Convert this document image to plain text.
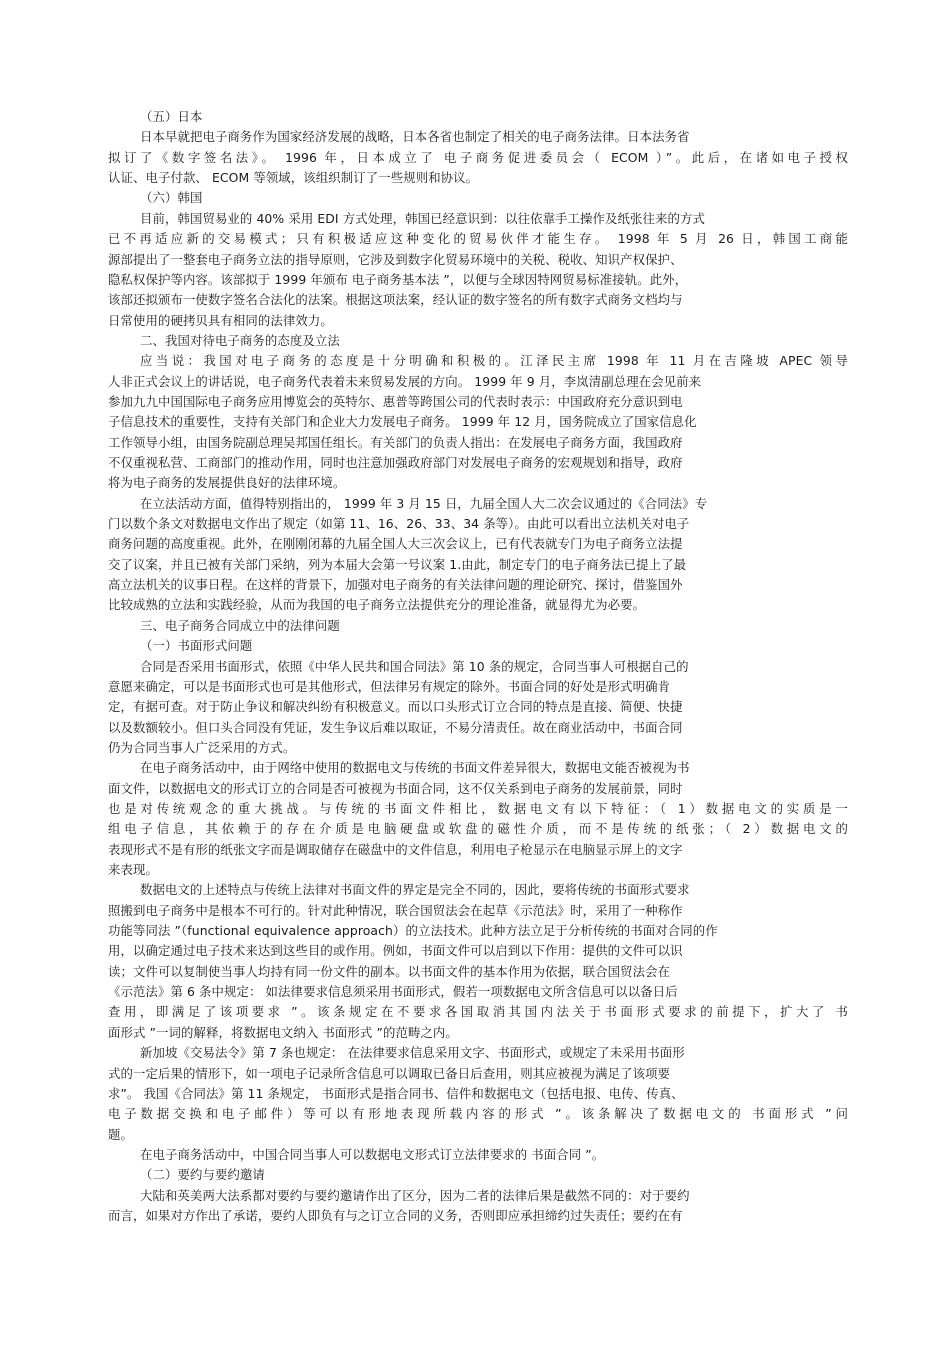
（五）日本
日本早就把电子商务作为国家经济发展的战略，日本各省也制定了相关的电子商务法律。日本法务省
拟订了《数字签名法》。 1996 年，日本成立了 电子商务促进委员会（ ECOM ）”。此后，在诸如电子授权
认证、电子付款、 ECOM 等领域，该组织制订了一些规则和协议。
（六）韩国
目前，韩国贸易业的 40% 采用 EDI 方式处理，韩国已经意识到：以往依靠手工操作及纸张往来的方式
已不再适应新的交易模式；只有积极适应这种变化的贸易伙伴才能生存。 1998 年 5 月 26 日，韩国工商能
源部提出了一整套电子商务立法的指导原则，它涉及到数字化贸易环境中的关税、税收、知识产权保护、
隐私权保护等内容。该部拟于 1999 年颁布 电子商务基本法 ”，以便与全球因特网贸易标准接轨。此外，
该部还拟颁布一使数字签名合法化的法案。根据这项法案，经认证的数字签名的所有数字式商务文档均与
日常使用的硬拷贝具有相同的法律效力。
二、我国对待电子商务的态度及立法
应当说：我国对电子商务的态度是十分明确和积极的。江泽民主席 1998 年 11 月在吉隆坡 APEC 领导
人非正式会议上的讲话说，电子商务代表着未来贸易发展的方向。 1999 年 9 月，李岚清副总理在会见前来
参加九九中国国际电子商务应用博览会的英特尔、惠普等跨国公司的代表时表示：中国政府充分意识到电
子信息技术的重要性，支持有关部门和企业大力发展电子商务。 1999 年 12 月，国务院成立了国家信息化
工作领导小组，由国务院副总理吴邦国任组长。有关部门的负责人指出：在发展电子商务方面，我国政府
不仅重视私营、工商部门的推动作用，同时也注意加强政府部门对发展电子商务的宏观规划和指导，政府
将为电子商务的发展提供良好的法律环境。
在立法活动方面，值得特别指出的， 1999 年 3 月 15 日，九届全国人大二次会议通过的《合同法》专
门以数个条文对数据电文作出了规定（如第 11、16、26、33、34 条等）。由此可以看出立法机关对电子
商务问题的高度重视。此外，在刚刚闭幕的九届全国人大三次会议上，已有代表就专门为电子商务立法提
交了议案，并且已被有关部门采纳，列为本届大会第一号议案 1.由此，制定专门的电子商务法已提上了最
高立法机关的议事日程。在这样的背景下，加强对电子商务的有关法律问题的理论研究、探讨，借鉴国外
比较成熟的立法和实践经验，从而为我国的电子商务立法提供充分的理论准备，就显得尤为必要。
三、电子商务合同成立中的法律问题
（一）书面形式问题
合同是否采用书面形式，依照《中华人民共和国合同法》第 10 条的规定，合同当事人可根据自己的
意愿来确定，可以是书面形式也可是其他形式，但法律另有规定的除外。书面合同的好处是形式明确肯
定，有据可查。对于防止争议和解决纠纷有积极意义。而以口头形式订立合同的特点是直接、简便、快捷
以及数额较小。但口头合同没有凭证，发生争议后难以取证，不易分清责任。故在商业活动中，书面合同
仍为合同当事人广泛采用的方式。
在电子商务活动中，由于网络中使用的数据电文与传统的书面文件差异很大，数据电文能否被视为书
面文件，以数据电文的形式订立的合同是否可被视为书面合同，这不仅关系到电子商务的发展前景，同时
也是对传统观念的重大挑战。与传统的书面文件相比，数据电文有以下特征：（ 1）数据电文的实质是一
组电子信息，其依赖于的存在介质是电脑硬盘或软盘的磁性介质，而不是传统的纸张；（ 2）数据电文的
表现形式不是有形的纸张文字而是调取储存在磁盘中的文件信息，利用电子枪显示在电脑显示屏上的文字
来表现。
数据电文的上述特点与传统上法律对书面文件的界定是完全不同的，因此，要将传统的书面形式要求
照搬到电子商务中是根本不可行的。针对此种情况，联合国贸法会在起草《示范法》时，采用了一种称作
功能等同法 ”（functional equivalence approach）的立法技术。此种方法立足于分析传统的书面对合同的作
用，以确定通过电子技术来达到这些目的或作用。例如，书面文件可以启到以下作用：提供的文件可以识
读；文件可以复制使当事人均持有同一份文件的副本。以书面文件的基本作用为依据，联合国贸法会在
《示范法》第 6 条中规定： 如法律要求信息须采用书面形式，假若一项数据电文所含信息可以以备日后
查用，即满足了该项要求 ”。该条规定在不要求各国取消其国内法关于书面形式要求的前提下，扩大了 书
面形式 ”一词的解释，将数据电文纳入 书面形式 ”的范畴之内。
新加坡《交易法令》第 7 条也规定： 在法律要求信息采用文字、书面形式，或规定了未采用书面形
式的一定后果的情形下，如一项电子记录所含信息可以调取已备日后查用，则其应被视为满足了该项要
求”。 我国《合同法》第 11 条规定， 书面形式是指合同书、信件和数据电文（包括电报、电传、传真、
电子数据交换和电子邮件）等可以有形地表现所载内容的形式 ”。该条解决了数据电文的 书面形式 ”问
题。
在电子商务活动中，中国合同当事人可以数据电文形式订立法律要求的 书面合同 ”。
（二）要约与要约邀请
大陆和英美两大法系都对要约与要约邀请作出了区分，因为二者的法律后果是截然不同的：对于要约
而言，如果对方作出了承诺，要约人即负有与之订立合同的义务，否则即应承担缔约过失责任；要约在有
